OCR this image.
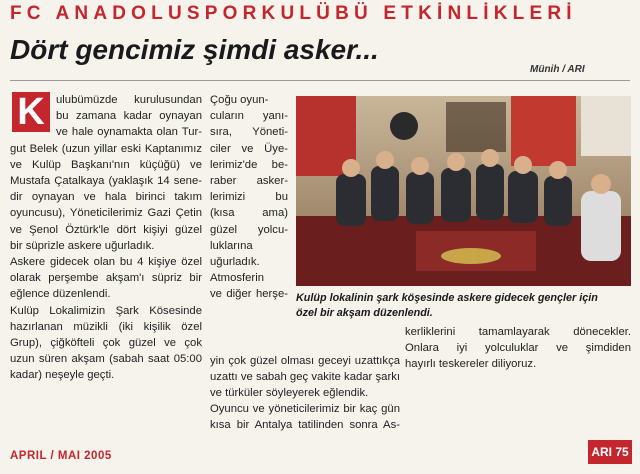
FC ANADOLUSPORKULÜBÜ ETKİNLİKLERİ
Dört gencimiz şimdi asker...
Münih / ARI
K ulubümüzde kurulusundan
bu zamana kadar oynayan
ve hale oynamakta olan Tur-
gut Belek (uzun yillar eski Kaptanımız
ve Kulüp Başkanı'nın küçüğü) ve
Mustafa Çatalkaya (yaklaşık 14 sene-
dir oynayan ve hala birinci takım
oyuncusu), Yöneticilerimiz Gazi Çetin
ve Şenol Öztürk'le dört kişiyi güzel
bir süprizle askere uğurladık.
Askere gidecek olan bu 4 kişiye özel
olarak perşembe akşam'ı süpriz bir
eğlence düzenlendi.
Kulüp Lokalimizin Şark Kösesinde
hazırlanan müzikli (iki kişilik özel
Grup), çiğköfteli çok güzel ve çok
uzun süren akşam (sabah saat 05:00
kadar) neşeyle geçti.
Çoğu oyun-
cuların yanı-
sıra, Yöneti-
ciler ve Üye-
lerimiz'de be-
raber asker-
lerimizi bu
(kısa ama)
güzel yolcu-
luklarına
uğurladık.
Atmosferin
ve diğer herşe-
yin çok güzel olması geceyi uzattıkça
uzattı ve sabah geç vakite kadar şarkı
ve türküler söyleyerek eğlendik.
Oyuncu ve yöneticilerimiz bir kaç gün
kısa bir Antalya tatilinden sonra As-
kerliklerini tamamlayarak dönecekler.
Onlara iyi yolculuklar ve şimdiden
hayırlı teskereler diliyoruz.
Kulüp lokalinin şark köşesinde askere gidecek gençler için
özel bir akşam düzenlendi.
APRIL / MAI 2005	ARI 75
